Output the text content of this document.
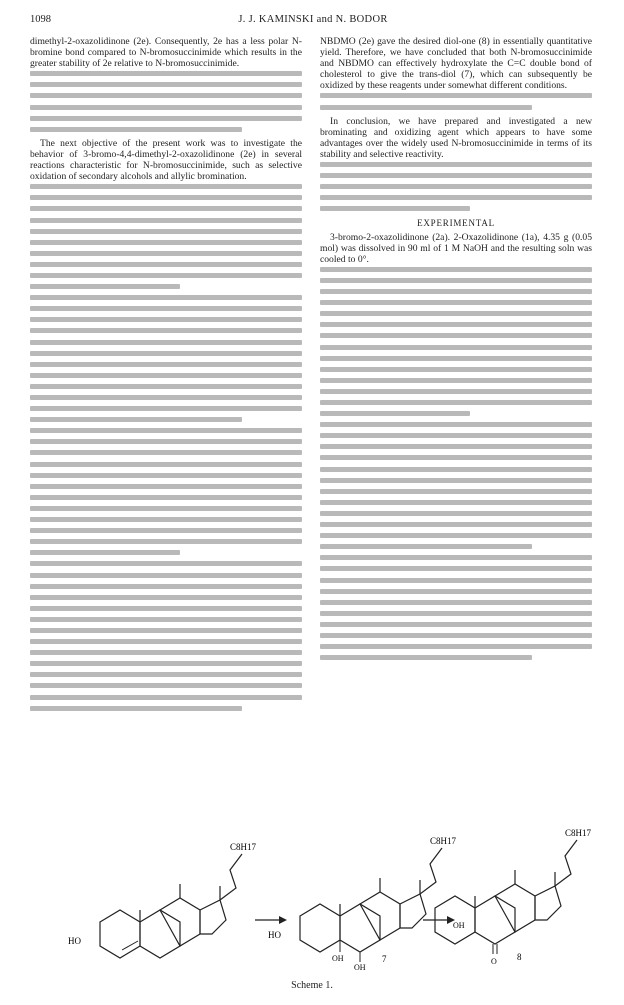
1098	J. J. KAMINSKI and N. BODOR

dimethyl-2-oxazolidinone (2e). Consequently, 2e has a less polar N-bromine bond compared to N-bromosuccinimide which results in the greater stability of 2e relative to N-bromosuccinimide.

The next objective of the present work was to investigate the behavior of 3-bromo-4,4-dimethyl-2-oxazolidinone (2e) in several reactions characteristic for N-bromosuccinimide, such as selective oxidation of secondary alcohols and allylic bromination.

NBDMO (2e) gave the desired diol-one (8) in essentially quantitative yield. Therefore, we have concluded that both N-bromosuccinimide and NBDMO can effectively hydroxylate the C=C double bond of cholesterol to give the trans-diol (7), which can subsequently be oxidized by these reagents under somewhat different conditions.

In conclusion, we have prepared and investigated a new brominating and oxidizing agent which appears to have some advantages over the widely used N-bromosuccinimide in terms of its stability and selective reactivity.

EXPERIMENTAL

3-bromo-2-oxazolidinone (2a). 2-Oxazolidinone (1a), 4.35 g (0.05 mol) was dissolved in 90 ml of 1 M NaOH and the resulting soln was cooled to 0°.

HO
C8H17
HO
OH
OH
7
C8H17
OH
O 8
C8H17
Scheme 1.
